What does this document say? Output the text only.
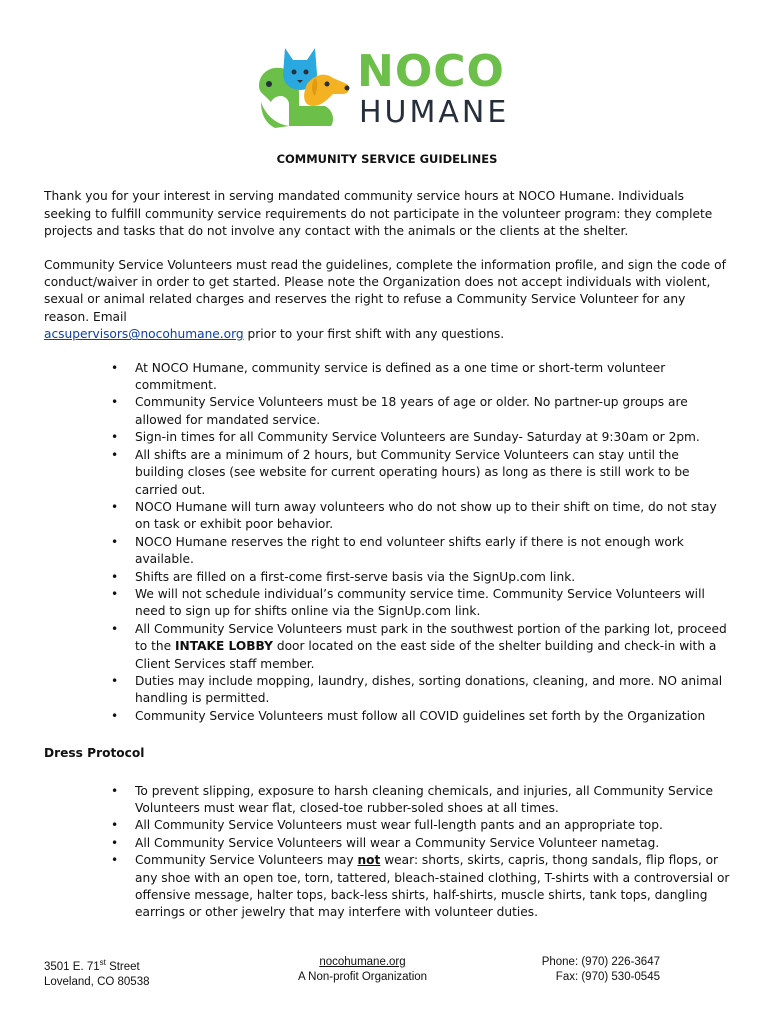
NOCO
HUMANE
COMMUNITY SERVICE GUIDELINES

Thank you for your interest in serving mandated community service hours at NOCO Humane. Individuals seeking to fulfill community service requirements do not participate in the volunteer program: they complete projects and tasks that do not involve any contact with the animals or the clients at the shelter.

Community Service Volunteers must read the guidelines, complete the information profile, and sign the code of conduct/waiver in order to get started. Please note the Organization does not accept individuals with violent, sexual or animal related charges and reserves the right to refuse a Community Service Volunteer for any reason. Email
acsupervisors@nocohumane.org prior to your first shift with any questions.

• At NOCO Humane, community service is defined as a one time or short-term volunteer commitment.
• Community Service Volunteers must be 18 years of age or older. No partner-up groups are allowed for mandated service.
• Sign-in times for all Community Service Volunteers are Sunday- Saturday at 9:30am or 2pm.
• All shifts are a minimum of 2 hours, but Community Service Volunteers can stay until the building closes (see website for current operating hours) as long as there is still work to be carried out.
• NOCO Humane will turn away volunteers who do not show up to their shift on time, do not stay on task or exhibit poor behavior.
• NOCO Humane reserves the right to end volunteer shifts early if there is not enough work available.
• Shifts are filled on a first-come first-serve basis via the SignUp.com link.
• We will not schedule individual’s community service time. Community Service Volunteers will need to sign up for shifts online via the SignUp.com link.
• All Community Service Volunteers must park in the southwest portion of the parking lot, proceed to the INTAKE LOBBY door located on the east side of the shelter building and check-in with a Client Services staff member.
• Duties may include mopping, laundry, dishes, sorting donations, cleaning, and more. NO animal handling is permitted.
• Community Service Volunteers must follow all COVID guidelines set forth by the Organization
Dress Protocol
• To prevent slipping, exposure to harsh cleaning chemicals, and injuries, all Community Service Volunteers must wear flat, closed-toe rubber-soled shoes at all times.
• All Community Service Volunteers must wear full-length pants and an appropriate top.
• All Community Service Volunteers will wear a Community Service Volunteer nametag.
• Community Service Volunteers may not wear: shorts, skirts, capris, thong sandals, flip flops, or any shoe with an open toe, torn, tattered, bleach-stained clothing, T-shirts with a controversial or offensive message, halter tops, back-less shirts, half-shirts, muscle shirts, tank tops, dangling earrings or other jewelry that may interfere with volunteer duties.
3501 E. 71st Street
Loveland, CO 80538
nocohumane.org
A Non-profit Organization
Phone: (970) 226-3647
Fax: (970) 530-0545
